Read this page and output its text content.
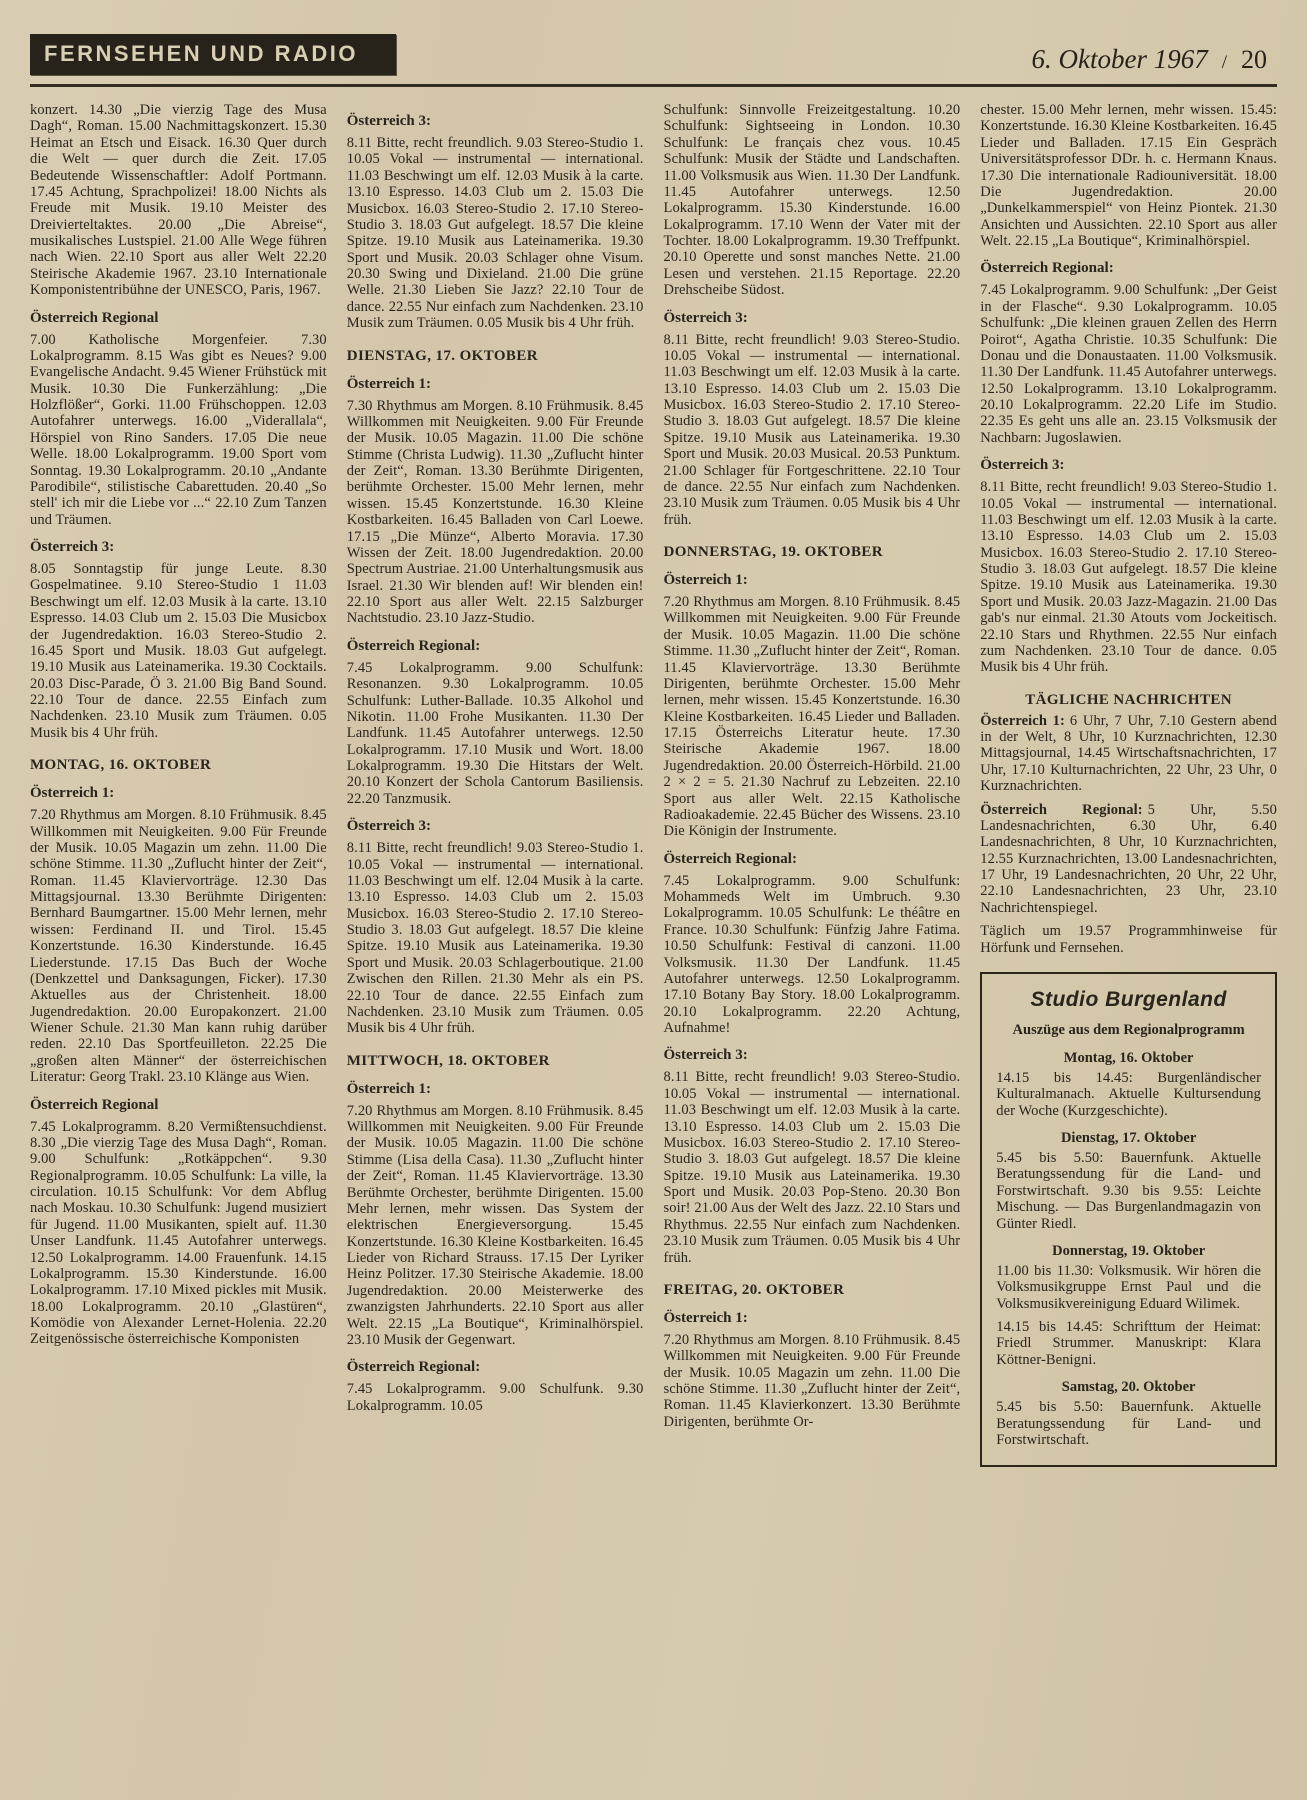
FERNSEHEN UND RADIO	6. Oktober 1967 / 20

konzert. 14.30 „Die vierzig Tage des Musa Dagh“, Roman. 15.00 Nachmittagskonzert. 15.30 Heimat an Etsch und Eisack. 16.30 Quer durch die Welt — quer durch die Zeit. 17.05 Bedeutende Wissenschaftler: Adolf Portmann. 17.45 Achtung, Sprachpolizei! 18.00 Nichts als Freude mit Musik. 19.10 Meister des Dreivierteltaktes. 20.00 „Die Abreise“, musikalisches Lustspiel. 21.00 Alle Wege führen nach Wien. 22.10 Sport aus aller Welt 22.20 Steirische Akademie 1967. 23.10 Internationale Komponistentribühne der UNESCO, Paris, 1967.

Österreich Regional

7.00 Katholische Morgenfeier. 7.30 Lokalprogramm. 8.15 Was gibt es Neues? 9.00 Evangelische Andacht. 9.45 Wiener Frühstück mit Musik. 10.30 Die Funkerzählung: „Die Holzflößer“, Gorki. 11.00 Frühschoppen. 12.03 Autofahrer unterwegs. 16.00 „Viderallala“, Hörspiel von Rino Sanders. 17.05 Die neue Welle. 18.00 Lokalprogramm. 19.00 Sport vom Sonntag. 19.30 Lokalprogramm. 20.10 „Andante Parodibile“, stilistische Cabarettuden. 20.40 „So stell' ich mir die Liebe vor ...“ 22.10 Zum Tanzen und Träumen.

Österreich 3:

8.05 Sonntagstip für junge Leute. 8.30 Gospelmatinee. 9.10 Stereo-Studio 1 11.03 Beschwingt um elf. 12.03 Musik à la carte. 13.10 Espresso. 14.03 Club um 2. 15.03 Die Musicbox der Jugendredaktion. 16.03 Stereo-Studio 2. 16.45 Sport und Musik. 18.03 Gut aufgelegt. 19.10 Musik aus Lateinamerika. 19.30 Cocktails. 20.03 Disc-Parade, Ö 3. 21.00 Big Band Sound. 22.10 Tour de dance. 22.55 Einfach zum Nachdenken. 23.10 Musik zum Träumen. 0.05 Musik bis 4 Uhr früh.

MONTAG, 16. OKTOBER
Österreich 1:

7.20 Rhythmus am Morgen. 8.10 Frühmusik. 8.45 Willkommen mit Neuigkeiten. 9.00 Für Freunde der Musik. 10.05 Magazin um zehn. 11.00 Die schöne Stimme. 11.30 „Zuflucht hinter der Zeit“, Roman. 11.45 Klaviervorträge. 12.30 Das Mittagsjournal. 13.30 Berühmte Dirigenten: Bernhard Baumgartner. 15.00 Mehr lernen, mehr wissen: Ferdinand II. und Tirol. 15.45 Konzertstunde. 16.30 Kinderstunde. 16.45 Liederstunde. 17.15 Das Buch der Woche (Denkzettel und Danksagungen, Ficker). 17.30 Aktuelles aus der Christenheit. 18.00 Jugendredaktion. 20.00 Europakonzert. 21.00 Wiener Schule. 21.30 Man kann ruhig darüber reden. 22.10 Das Sportfeuilleton. 22.25 Die „großen alten Männer“ der österreichischen Literatur: Georg Trakl. 23.10 Klänge aus Wien.

Österreich Regional

7.45 Lokalprogramm. 8.20 Vermißtensuchdienst. 8.30 „Die vierzig Tage des Musa Dagh“, Roman. 9.00 Schulfunk: „Rotkäppchen“. 9.30 Regionalprogramm. 10.05 Schulfunk: La ville, la circulation. 10.15 Schulfunk: Vor dem Abflug nach Moskau. 10.30 Schulfunk: Jugend musiziert für Jugend. 11.00 Musikanten, spielt auf. 11.30 Unser Landfunk. 11.45 Autofahrer unterwegs. 12.50 Lokalprogramm. 14.00 Frauenfunk. 14.15 Lokalprogramm. 15.30 Kinderstunde. 16.00 Lokalprogramm. 17.10 Mixed pickles mit Musik. 18.00 Lokalprogramm. 20.10 „Glastüren“, Komödie von Alexander Lernet-Holenia. 22.20 Zeitgenössische österreichische Komponisten

Österreich 3:

8.11 Bitte, recht freundlich. 9.03 Stereo-Studio 1. 10.05 Vokal — instrumental — international. 11.03 Beschwingt um elf. 12.03 Musik à la carte. 13.10 Espresso. 14.03 Club um 2. 15.03 Die Musicbox. 16.03 Stereo-Studio 2. 17.10 Stereo-Studio 3. 18.03 Gut aufgelegt. 18.57 Die kleine Spitze. 19.10 Musik aus Lateinamerika. 19.30 Sport und Musik. 20.03 Schlager ohne Visum. 20.30 Swing und Dixieland. 21.00 Die grüne Welle. 21.30 Lieben Sie Jazz? 22.10 Tour de dance. 22.55 Nur einfach zum Nachdenken. 23.10 Musik zum Träumen. 0.05 Musik bis 4 Uhr früh.

DIENSTAG, 17. OKTOBER
Österreich 1:

7.30 Rhythmus am Morgen. 8.10 Frühmusik. 8.45 Willkommen mit Neuigkeiten. 9.00 Für Freunde der Musik. 10.05 Magazin. 11.00 Die schöne Stimme (Christa Ludwig). 11.30 „Zuflucht hinter der Zeit“, Roman. 13.30 Berühmte Dirigenten, berühmte Orchester. 15.00 Mehr lernen, mehr wissen. 15.45 Konzertstunde. 16.30 Kleine Kostbarkeiten. 16.45 Balladen von Carl Loewe. 17.15 „Die Münze“, Alberto Moravia. 17.30 Wissen der Zeit. 18.00 Jugendredaktion. 20.00 Spectrum Austriae. 21.00 Unterhaltungsmusik aus Israel. 21.30 Wir blenden auf! Wir blenden ein! 22.10 Sport aus aller Welt. 22.15 Salzburger Nachtstudio. 23.10 Jazz-Studio.

Österreich Regional:

7.45 Lokalprogramm. 9.00 Schulfunk: Resonanzen. 9.30 Lokalprogramm. 10.05 Schulfunk: Luther-Ballade. 10.35 Alkohol und Nikotin. 11.00 Frohe Musikanten. 11.30 Der Landfunk. 11.45 Autofahrer unterwegs. 12.50 Lokalprogramm. 17.10 Musik und Wort. 18.00 Lokalprogramm. 19.30 Die Hitstars der Welt. 20.10 Konzert der Schola Cantorum Basiliensis. 22.20 Tanzmusik.

Österreich 3:

8.11 Bitte, recht freundlich! 9.03 Stereo-Studio 1. 10.05 Vokal — instrumental — international. 11.03 Beschwingt um elf. 12.04 Musik à la carte. 13.10 Espresso. 14.03 Club um 2. 15.03 Musicbox. 16.03 Stereo-Studio 2. 17.10 Stereo-Studio 3. 18.03 Gut aufgelegt. 18.57 Die kleine Spitze. 19.10 Musik aus Lateinamerika. 19.30 Sport und Musik. 20.03 Schlagerboutique. 21.00 Zwischen den Rillen. 21.30 Mehr als ein PS. 22.10 Tour de dance. 22.55 Einfach zum Nachdenken. 23.10 Musik zum Träumen. 0.05 Musik bis 4 Uhr früh.

MITTWOCH, 18. OKTOBER
Österreich 1:

7.20 Rhythmus am Morgen. 8.10 Frühmusik. 8.45 Willkommen mit Neuigkeiten. 9.00 Für Freunde der Musik. 10.05 Magazin. 11.00 Die schöne Stimme (Lisa della Casa). 11.30 „Zuflucht hinter der Zeit“, Roman. 11.45 Klaviervorträge. 13.30 Berühmte Orchester, berühmte Dirigenten. 15.00 Mehr lernen, mehr wissen. Das System der elektrischen Energieversorgung. 15.45 Konzertstunde. 16.30 Kleine Kostbarkeiten. 16.45 Lieder von Richard Strauss. 17.15 Der Lyriker Heinz Politzer. 17.30 Steirische Akademie. 18.00 Jugendredaktion. 20.00 Meisterwerke des zwanzigsten Jahrhunderts. 22.10 Sport aus aller Welt. 22.15 „La Boutique“, Kriminalhörspiel. 23.10 Musik der Gegenwart.

Österreich Regional:

7.45 Lokalprogramm. 9.00 Schulfunk. 9.30 Lokalprogramm. 10.05

Schulfunk: Sinnvolle Freizeitgestaltung. 10.20 Schulfunk: Sightseeing in London. 10.30 Schulfunk: Le français chez vous. 10.45 Schulfunk: Musik der Städte und Landschaften. 11.00 Volksmusik aus Wien. 11.30 Der Landfunk. 11.45 Autofahrer unterwegs. 12.50 Lokalprogramm. 15.30 Kinderstunde. 16.00 Lokalprogramm. 17.10 Wenn der Vater mit der Tochter. 18.00 Lokalprogramm. 19.30 Treffpunkt. 20.10 Operette und sonst manches Nette. 21.00 Lesen und verstehen. 21.15 Reportage. 22.20 Drehscheibe Südost.

Österreich 3:

8.11 Bitte, recht freundlich! 9.03 Stereo-Studio. 10.05 Vokal — instrumental — international. 11.03 Beschwingt um elf. 12.03 Musik à la carte. 13.10 Espresso. 14.03 Club um 2. 15.03 Die Musicbox. 16.03 Stereo-Studio 2. 17.10 Stereo-Studio 3. 18.03 Gut aufgelegt. 18.57 Die kleine Spitze. 19.10 Musik aus Lateinamerika. 19.30 Sport und Musik. 20.03 Musical. 20.53 Punktum. 21.00 Schlager für Fortgeschrittene. 22.10 Tour de dance. 22.55 Nur einfach zum Nachdenken. 23.10 Musik zum Träumen. 0.05 Musik bis 4 Uhr früh.

DONNERSTAG, 19. OKTOBER
Österreich 1:

7.20 Rhythmus am Morgen. 8.10 Frühmusik. 8.45 Willkommen mit Neuigkeiten. 9.00 Für Freunde der Musik. 10.05 Magazin. 11.00 Die schöne Stimme. 11.30 „Zuflucht hinter der Zeit“, Roman. 11.45 Klaviervorträge. 13.30 Berühmte Dirigenten, berühmte Orchester. 15.00 Mehr lernen, mehr wissen. 15.45 Konzertstunde. 16.30 Kleine Kostbarkeiten. 16.45 Lieder und Balladen. 17.15 Österreichs Literatur heute. 17.30 Steirische Akademie 1967. 18.00 Jugendredaktion. 20.00 Österreich-Hörbild. 21.00 2 × 2 = 5. 21.30 Nachruf zu Lebzeiten. 22.10 Sport aus aller Welt. 22.15 Katholische Radioakademie. 22.45 Bücher des Wissens. 23.10 Die Königin der Instrumente.

Österreich Regional:

7.45 Lokalprogramm. 9.00 Schulfunk: Mohammeds Welt im Umbruch. 9.30 Lokalprogramm. 10.05 Schulfunk: Le théâtre en France. 10.30 Schulfunk: Fünfzig Jahre Fatima. 10.50 Schulfunk: Festival di canzoni. 11.00 Volksmusik. 11.30 Der Landfunk. 11.45 Autofahrer unterwegs. 12.50 Lokalprogramm. 17.10 Botany Bay Story. 18.00 Lokalprogramm. 20.10 Lokalprogramm. 22.20 Achtung, Aufnahme!

Österreich 3:

8.11 Bitte, recht freundlich! 9.03 Stereo-Studio. 10.05 Vokal — instrumental — international. 11.03 Beschwingt um elf. 12.03 Musik à la carte. 13.10 Espresso. 14.03 Club um 2. 15.03 Die Musicbox. 16.03 Stereo-Studio 2. 17.10 Stereo-Studio 3. 18.03 Gut aufgelegt. 18.57 Die kleine Spitze. 19.10 Musik aus Lateinamerika. 19.30 Sport und Musik. 20.03 Pop-Steno. 20.30 Bon soir! 21.00 Aus der Welt des Jazz. 22.10 Stars und Rhythmus. 22.55 Nur einfach zum Nachdenken. 23.10 Musik zum Träumen. 0.05 Musik bis 4 Uhr früh.

FREITAG, 20. OKTOBER
Österreich 1:

7.20 Rhythmus am Morgen. 8.10 Frühmusik. 8.45 Willkommen mit Neuigkeiten. 9.00 Für Freunde der Musik. 10.05 Magazin um zehn. 11.00 Die schöne Stimme. 11.30 „Zuflucht hinter der Zeit“, Roman. 11.45 Klavierkonzert. 13.30 Berühmte Dirigenten, berühmte Or-

chester. 15.00 Mehr lernen, mehr wissen. 15.45: Konzertstunde. 16.30 Kleine Kostbarkeiten. 16.45 Lieder und Balladen. 17.15 Ein Gespräch Universitätsprofessor DDr. h. c. Hermann Knaus. 17.30 Die internationale Radiouniversität. 18.00 Die Jugendredaktion. 20.00 „Dunkelkammerspiel“ von Heinz Piontek. 21.30 Ansichten und Aussichten. 22.10 Sport aus aller Welt. 22.15 „La Boutique“, Kriminalhörspiel.

Österreich Regional:

7.45 Lokalprogramm. 9.00 Schulfunk: „Der Geist in der Flasche“. 9.30 Lokalprogramm. 10.05 Schulfunk: „Die kleinen grauen Zellen des Herrn Poirot“, Agatha Christie. 10.35 Schulfunk: Die Donau und die Donaustaaten. 11.00 Volksmusik. 11.30 Der Landfunk. 11.45 Autofahrer unterwegs. 12.50 Lokalprogramm. 13.10 Lokalprogramm. 20.10 Lokalprogramm. 22.20 Life im Studio. 22.35 Es geht uns alle an. 23.15 Volksmusik der Nachbarn: Jugoslawien.

Österreich 3:

8.11 Bitte, recht freundlich! 9.03 Stereo-Studio 1. 10.05 Vokal — instrumental — international. 11.03 Beschwingt um elf. 12.03 Musik à la carte. 13.10 Espresso. 14.03 Club um 2. 15.03 Musicbox. 16.03 Stereo-Studio 2. 17.10 Stereo-Studio 3. 18.03 Gut aufgelegt. 18.57 Die kleine Spitze. 19.10 Musik aus Lateinamerika. 19.30 Sport und Musik. 20.03 Jazz-Magazin. 21.00 Das gab's nur einmal. 21.30 Atouts vom Jockeitisch. 22.10 Stars und Rhythmen. 22.55 Nur einfach zum Nachdenken. 23.10 Tour de dance. 0.05 Musik bis 4 Uhr früh.

TÄGLICHE NACHRICHTEN

Österreich 1: 6 Uhr, 7 Uhr, 7.10 Gestern abend in der Welt, 8 Uhr, 10 Kurznachrichten, 12.30 Mittagsjournal, 14.45 Wirtschaftsnachrichten, 17 Uhr, 17.10 Kulturnachrichten, 22 Uhr, 23 Uhr, 0 Kurznachrichten.

Österreich Regional: 5 Uhr, 5.50 Landesnachrichten, 6.30 Uhr, 6.40 Landesnachrichten, 8 Uhr, 10 Kurznachrichten, 12.55 Kurznachrichten, 13.00 Landesnachrichten, 17 Uhr, 19 Landesnachrichten, 20 Uhr, 22 Uhr, 22.10 Landesnachrichten, 23 Uhr, 23.10 Nachrichtenspiegel.

Täglich um 19.57 Programmhinweise für Hörfunk und Fernsehen.

Studio Burgenland

Auszüge aus dem Regionalprogramm

Montag, 16. Oktober

14.15 bis 14.45: Burgenländischer Kulturalmanach. Aktuelle Kultursendung der Woche (Kurzgeschichte).

Dienstag, 17. Oktober

5.45 bis 5.50: Bauernfunk. Aktuelle Beratungssendung für die Land- und Forstwirtschaft. 9.30 bis 9.55: Leichte Mischung. — Das Burgenlandmagazin von Günter Riedl.

Donnerstag, 19. Oktober

11.00 bis 11.30: Volksmusik. Wir hören die Volksmusikgruppe Ernst Paul und die Volksmusikvereinigung Eduard Wilimek.

14.15 bis 14.45: Schrifttum der Heimat: Friedl Strummer. Manuskript: Klara Köttner-Benigni.

Samstag, 20. Oktober

5.45 bis 5.50: Bauernfunk. Aktuelle Beratungssendung für Land- und Forstwirtschaft.
